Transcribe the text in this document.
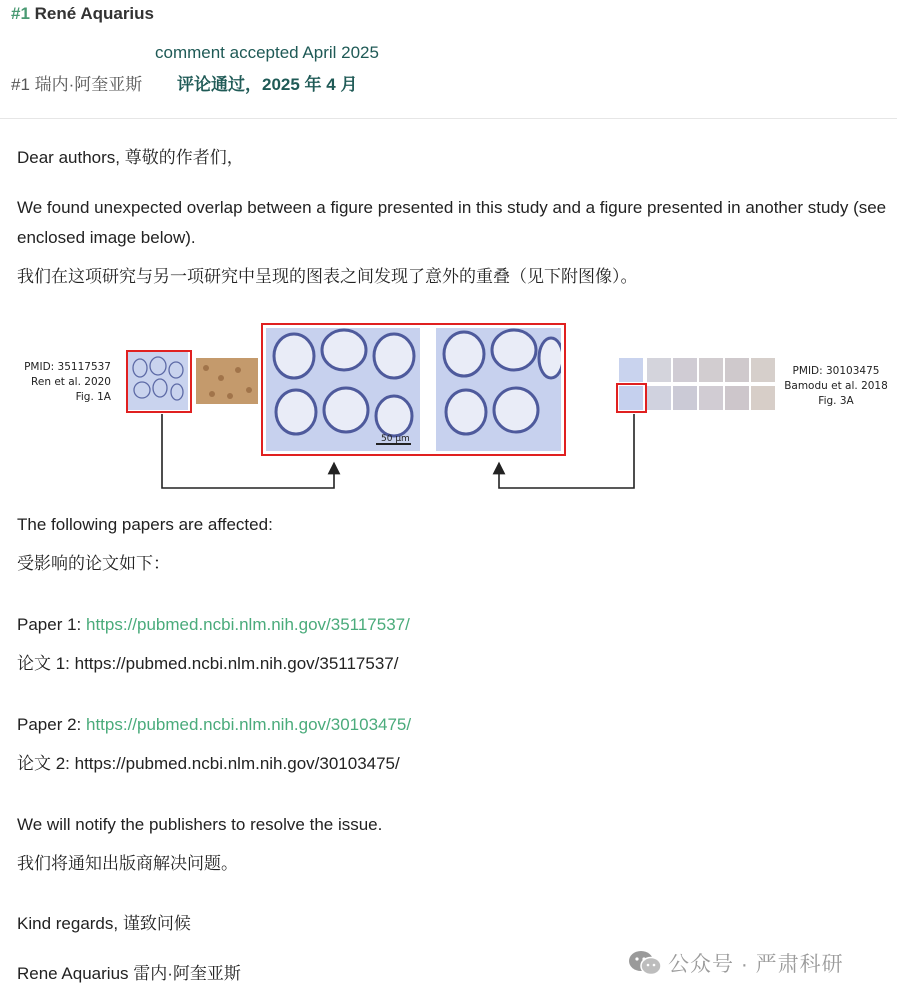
#1 René Aquarius
comment accepted April 2025
#1 瑞内·阿奎亚斯 评论通过，2025 年 4 月
Dear authors, 尊敬的作者们，
We found unexpected overlap between a figure presented in this study and a figure presented in another study (see enclosed image below).
我们在这项研究与另一项研究中呈现的图表之间发现了意外的重叠（见下附图像）。
PMID: 35117537
Ren et al. 2020
Fig. 1A
50 μm
PMID: 30103475
Bamodu et al. 2018
Fig. 3A
The following papers are affected:
受影响的论文如下：
Paper 1: https://pubmed.ncbi.nlm.nih.gov/35117537/
论文 1: https://pubmed.ncbi.nlm.nih.gov/35117537/
Paper 2: https://pubmed.ncbi.nlm.nih.gov/30103475/
论文 2: https://pubmed.ncbi.nlm.nih.gov/30103475/
We will notify the publishers to resolve the issue.
我们将通知出版商解决问题。
Kind regards, 谨致问候
Rene Aquarius 雷内·阿奎亚斯	公众号 · 严肃科研
